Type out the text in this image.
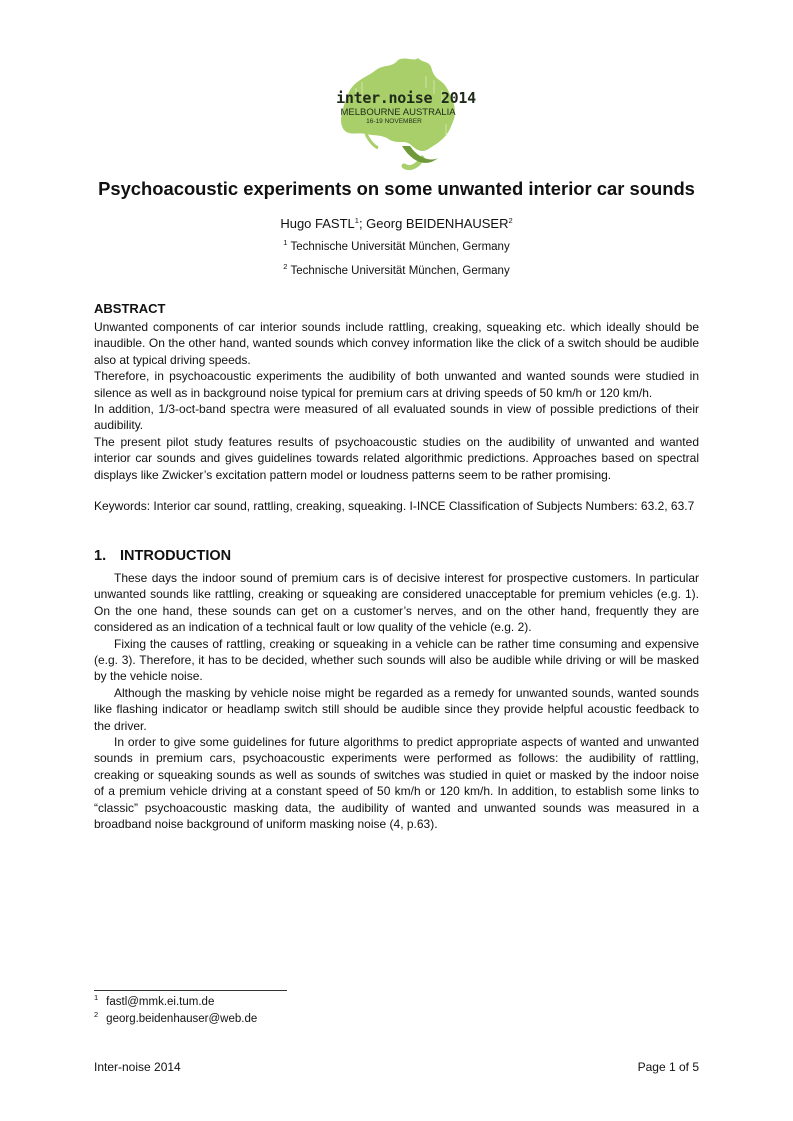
inter.noise 2014
MELBOURNE AUSTRALIA
16-19 NOVEMBER
Psychoacoustic experiments on some unwanted interior car sounds
Hugo FASTL$^1$; Georg BEIDENHAUSER$^2$
$^1$ Technische Universität München, Germany
$^2$ Technische Universität München, Germany
ABSTRACT

Unwanted components of car interior sounds include rattling, creaking, squeaking etc. which ideally should be inaudible. On the other hand, wanted sounds which convey information like the click of a switch should be audible also at typical driving speeds.

Therefore, in psychoacoustic experiments the audibility of both unwanted and wanted sounds were studied in silence as well as in background noise typical for premium cars at driving speeds of 50 km/h or 120 km/h.

In addition, 1/3-oct-band spectra were measured of all evaluated sounds in view of possible predictions of their audibility.

The present pilot study features results of psychoacoustic studies on the audibility of unwanted and wanted interior car sounds and gives guidelines towards related algorithmic predictions. Approaches based on spectral displays like Zwicker’s excitation pattern model or loudness patterns seem to be rather promising.

Keywords: Interior car sound, rattling, creaking, squeaking. I-INCE Classification of Subjects Numbers: 63.2, 63.7
1. INTRODUCTION

These days the indoor sound of premium cars is of decisive interest for prospective customers. In particular unwanted sounds like rattling, creaking or squeaking are considered unacceptable for premium vehicles (e.g. 1). On the one hand, these sounds can get on a customer’s nerves, and on the other hand, frequently they are considered as an indication of a technical fault or low quality of the vehicle (e.g. 2).

Fixing the causes of rattling, creaking or squeaking in a vehicle can be rather time consuming and expensive (e.g. 3). Therefore, it has to be decided, whether such sounds will also be audible while driving or will be masked by the vehicle noise.

Although the masking by vehicle noise might be regarded as a remedy for unwanted sounds, wanted sounds like flashing indicator or headlamp switch still should be audible since they provide helpful acoustic feedback to the driver.

In order to give some guidelines for future algorithms to predict appropriate aspects of wanted and unwanted sounds in premium cars, psychoacoustic experiments were performed as follows: the audibility of rattling, creaking or squeaking sounds as well as sounds of switches was studied in quiet or masked by the indoor noise of a premium vehicle driving at a constant speed of 50 km/h or 120 km/h. In addition, to establish some links to “classic” psychoacoustic masking data, the audibility of wanted and unwanted sounds was measured in a broadband noise background of uniform masking noise (4, p.63).

$^1$ fastl@mmk.ei.tum.de
$^2$ georg.beidenhauser@web.de
Inter-noise 2014	Page 1 of 5
